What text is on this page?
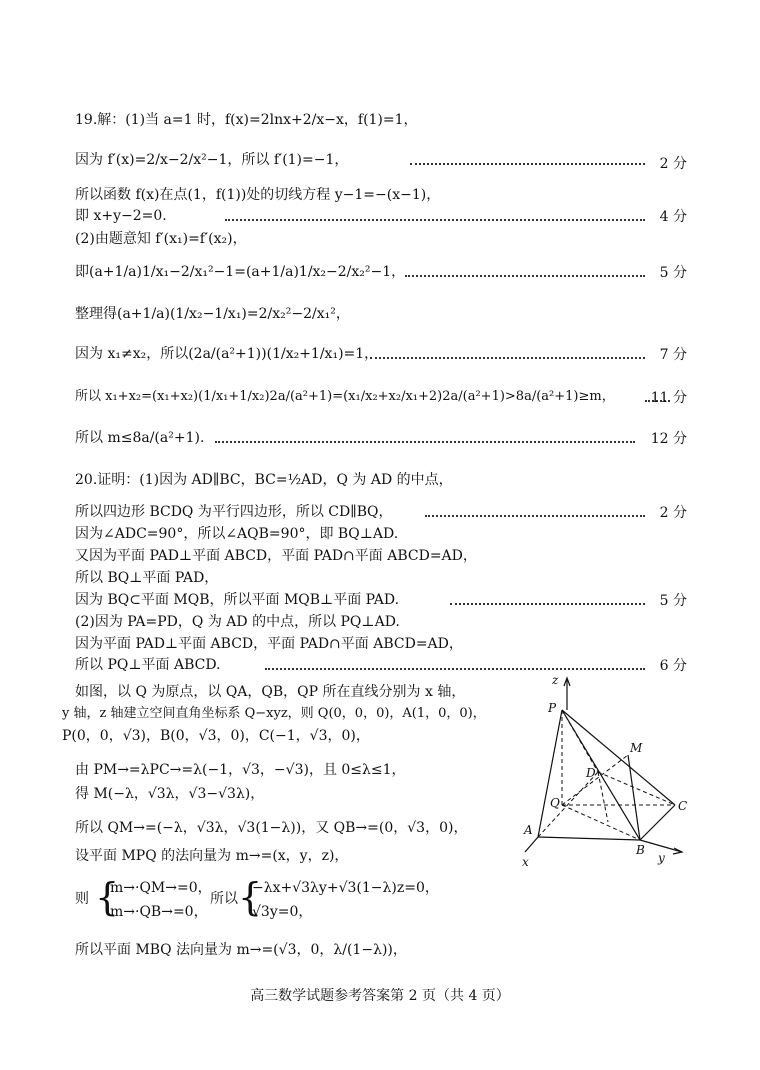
19.解：(1)当 a=1 时，f(x)=2lnx+2/x−x，f(1)=1，
因为 f′(x)=2/x−2/x²−1，所以 f′(1)=−1，	2 分
所以函数 f(x)在点(1，f(1))处的切线方程 y−1=−(x−1)，
即 x+y−2=0.	4 分
(2)由题意知 f′(x₁)=f′(x₂)，
即(a+1/a)1/x₁−2/x₁²−1=(a+1/a)1/x₂−2/x₂²−1，	5 分
整理得(a+1/a)(1/x₂−1/x₁)=2/x₂²−2/x₁²，
因为 x₁≠x₂，所以(2a/(a²+1))(1/x₂+1/x₁)=1，	7 分
所以 x₁+x₂=(x₁+x₂)(1/x₁+1/x₂)2a/(a²+1)=(x₁/x₂+x₂/x₁+2)2a/(a²+1)>8a/(a²+1)≥m，	11 分
所以 m≤8a/(a²+1).	12 分
20.证明：(1)因为 AD∥BC，BC=½AD，Q 为 AD 的中点，
所以四边形 BCDQ 为平行四边形，所以 CD∥BQ，	2 分
因为∠ADC=90°，所以∠AQB=90°，即 BQ⊥AD.
又因为平面 PAD⊥平面 ABCD，平面 PAD∩平面 ABCD=AD，
所以 BQ⊥平面 PAD，
因为 BQ⊂平面 MQB，所以平面 MQB⊥平面 PAD.	5 分
(2)因为 PA=PD，Q 为 AD 的中点，所以 PQ⊥AD.
因为平面 PAD⊥平面 ABCD，平面 PAD∩平面 ABCD=AD，
所以 PQ⊥平面 ABCD.	6 分
如图，以 Q 为原点，以 QA，QB，QP 所在直线分别为 x 轴，
y 轴，z 轴建立空间直角坐标系 Q−xyz，则 Q(0，0，0)，A(1，0，0)，
P(0，0，√3)，B(0，√3，0)，C(−1，√3，0)，
由 PM→=λPC→=λ(−1，√3，−√3)，且 0≤λ≤1，
得 M(−λ，√3λ，√3−√3λ)，
所以 QM→=(−λ，√3λ，√3(1−λ))，又 QB→=(0，√3，0)，
设平面 MPQ 的法向量为 m→=(x，y，z)，
则 {
m→·QM→=0，
m→·QB→=0，
所以 {
−λx+√3λy+√3(1−λ)z=0，
√3y=0，
所以平面 MBQ 法向量为 m→=(√3，0，λ/(1−λ))，
z
P
M
D
Q	C
A
B
x	y
高三数学试题参考答案第 2 页（共 4 页）
